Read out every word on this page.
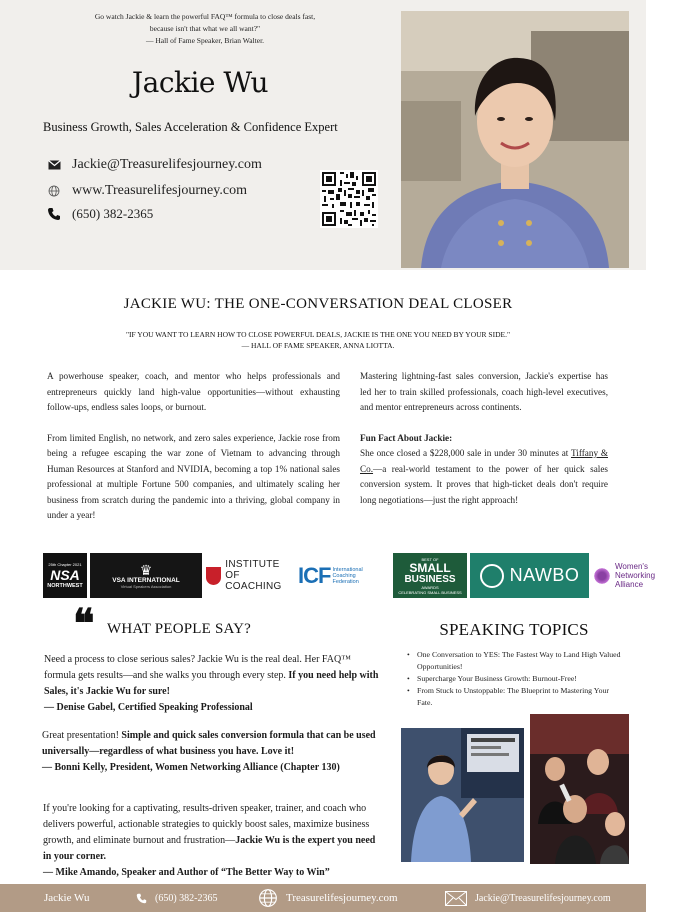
Go watch Jackie & learn the powerful FAQ™ formula to close deals fast,
because isn't that what we all want?"
— Hall of Fame Speaker, Brian Walter.
Jackie Wu
Business Growth, Sales Acceleration & Confidence Expert
Jackie@Treasurelifesjourney.com
www.Treasurelifesjourney.com
(650) 382-2365
JACKIE WU: THE ONE-CONVERSATION DEAL CLOSER
"IF YOU WANT TO LEARN HOW TO CLOSE POWERFUL DEALS, JACKIE IS THE ONE YOU NEED BY YOUR SIDE."
— HALL OF FAME SPEAKER, ANNA LIOTTA.

A powerhouse speaker, coach, and mentor who helps professionals and entrepreneurs quickly land high-value opportunities—without exhausting follow-ups, endless sales loops, or burnout.

From limited English, no network, and zero sales experience, Jackie rose from being a refugee escaping the war zone of Vietnam to advancing through Human Resources at Stanford and NVIDIA, becoming a top 1% national sales professional at multiple Fortune 500 companies, and ultimately scaling her business from scratch during the pandemic into a thriving, global company in under a year!

Mastering lightning-fast sales conversion, Jackie's expertise has led her to train skilled professionals, coach high-level executives, and mentor entrepreneurs across continents.

Fun Fact About Jackie:

She once closed a $228,000 sale in under 30 minutes at Tiffany & Co.—a real-world testament to the power of her quick sales conversion system. It proves that high-ticket deals don't require long negotiations—just the right approach!

25th Chapter 2021
NSA
NORTHWEST
♛
VSA INTERNATIONAL
Virtual Speakers Association
INSTITUTE OF
COACHING ICF International
Coaching
Federation
BEST OF
SMALL
BUSINESS
AWARDS
CELEBRATING SMALL BUSINESS
NAWBO	Women's
Networking
Alliance
❝ WHAT PEOPLE SAY?
Need a process to close serious sales? Jackie Wu is the real deal. Her FAQ™ formula gets results—and she walks you through every step. If you need help with Sales, it's Jackie Wu for sure!
— Denise Gabel, Certified Speaking Professional
Great presentation! Simple and quick sales conversion formula that can be used universally—regardless of what business you have. Love it!
— Bonni Kelly, President, Women Networking Alliance (Chapter 130)
If you're looking for a captivating, results-driven speaker, trainer, and coach who delivers powerful, actionable strategies to quickly boost sales, maximize business growth, and eliminate burnout and frustration—Jackie Wu is the expert you need in your corner.
— Mike Amando, Speaker and Author of “The Better Way to Win”
SPEAKING TOPICS
• One Conversation to YES: The Fastest Way to Land High Valued Opportunities!
• Supercharge Your Business Growth: Burnout-Free!
• From Stuck to Unstoppable: The Blueprint to Mastering Your Fate.
Jackie Wu	(650) 382-2365	Treasurelifesjourney.com	Jackie@Treasurelifesjourney.com
